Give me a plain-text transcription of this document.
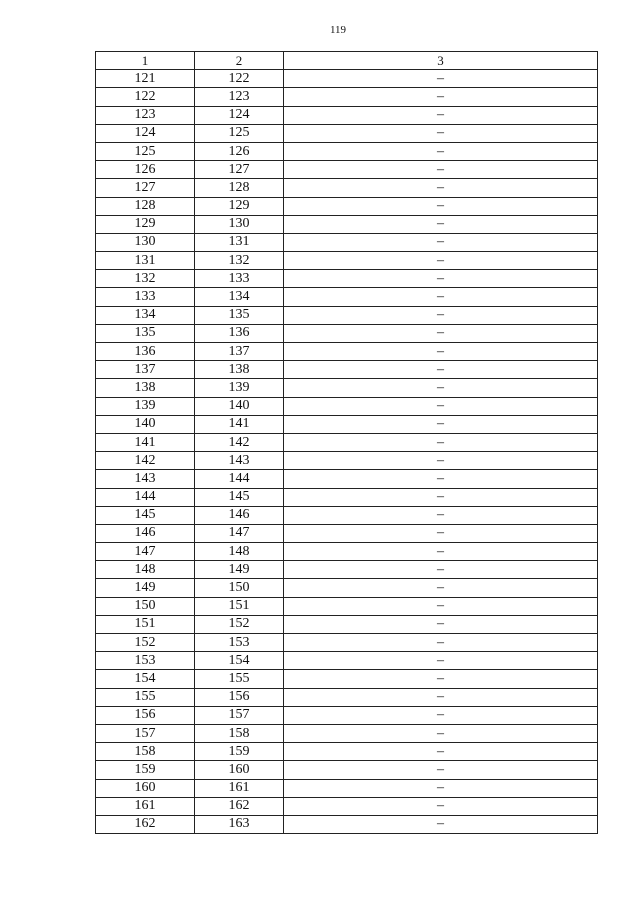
119
1	2	3
121	122	–
122	123	–
123	124	–
124	125	–
125	126	–
126	127	–
127	128	–
128	129	–
129	130	–
130	131	–
131	132	–
132	133	–
133	134	–
134	135	–
135	136	–
136	137	–
137	138	–
138	139	–
139	140	–
140	141	–
141	142	–
142	143	–
143	144	–
144	145	–
145	146	–
146	147	–
147	148	–
148	149	–
149	150	–
150	151	–
151	152	–
152	153	–
153	154	–
154	155	–
155	156	–
156	157	–
157	158	–
158	159	–
159	160	–
160	161	–
161	162	–
162	163	–
